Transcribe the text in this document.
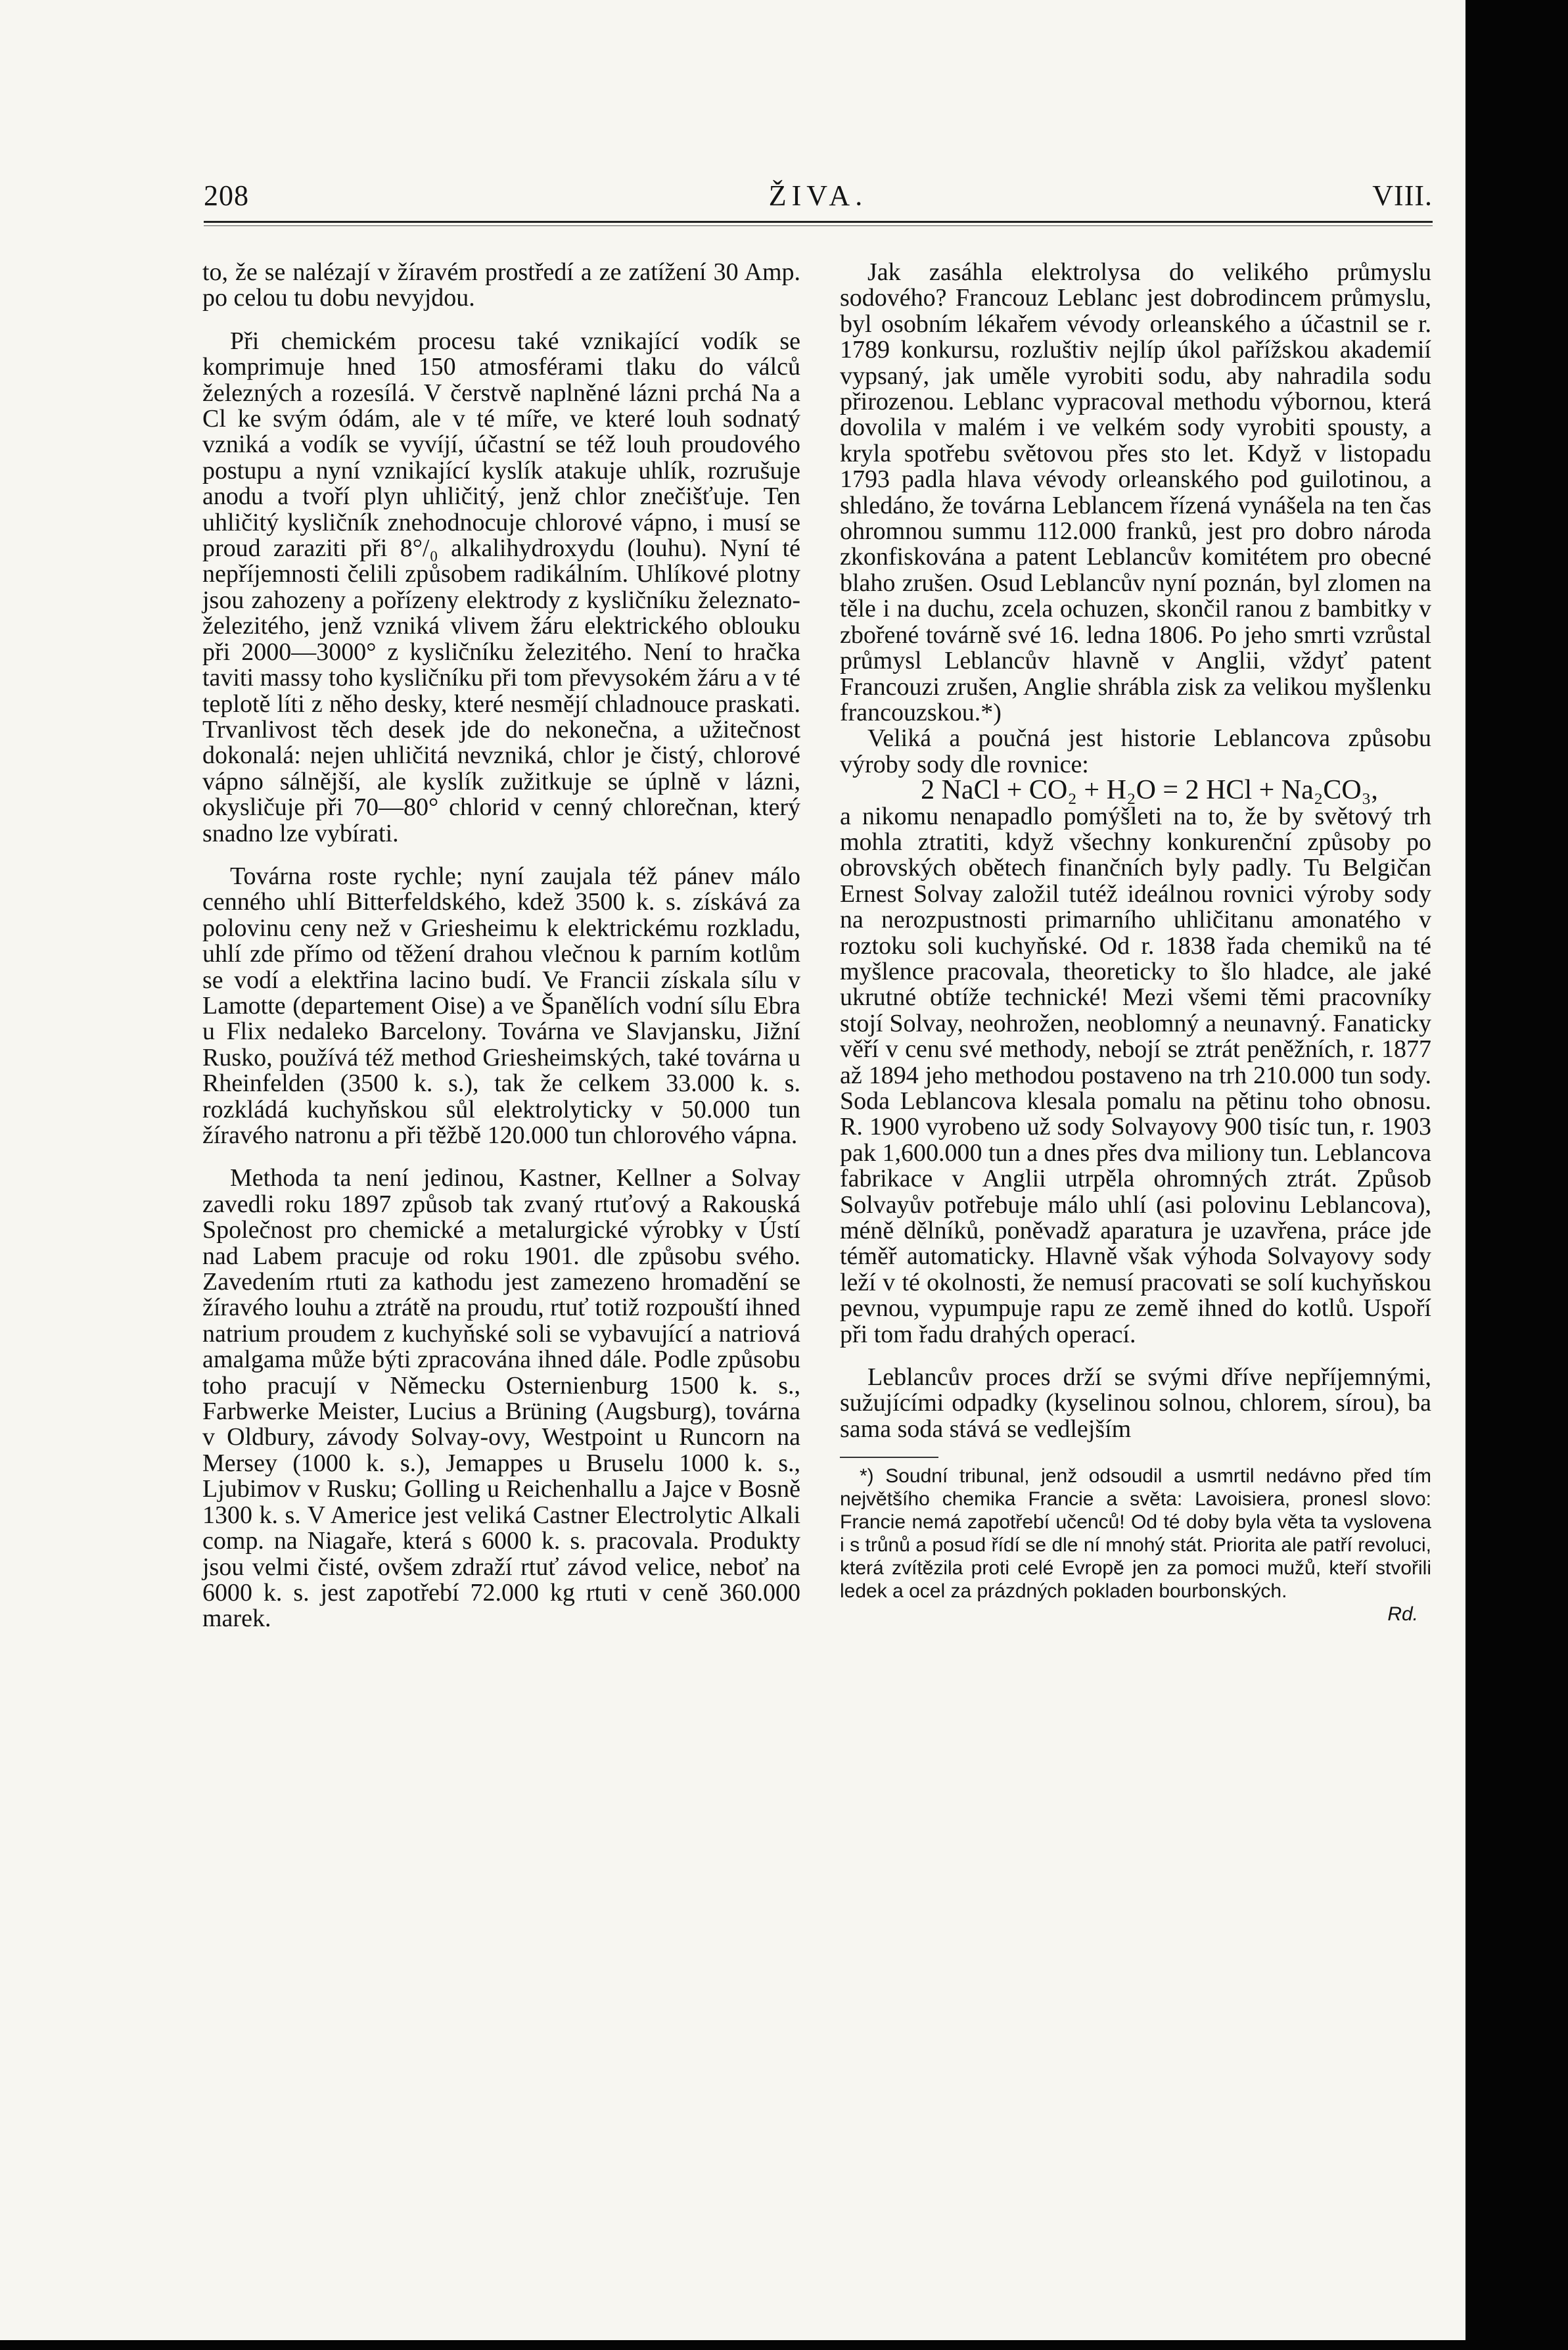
208	ŽIVA.	VIII.

to, že se nalézají v žíravém prostředí a ze zatížení 30 Amp. po celou tu dobu nevyjdou.

Při chemickém procesu také vznikající vodík se komprimuje hned 150 atmosférami tlaku do válců železných a rozesílá. V čerstvě naplněné lázni prchá Na a Cl ke svým ódám, ale v té míře, ve které louh sodnatý vzniká a vodík se vyvíjí, účastní se též louh proudového postupu a nyní vznikající kyslík atakuje uhlík, rozrušuje anodu a tvoří plyn uhličitý, jenž chlor znečišťuje. Ten uhličitý kysličník znehodnocuje chlorové vápno, i musí se proud zaraziti při 8°/₀ alkalihydroxydu (louhu). Nyní té nepříjemnosti čelili způsobem radikálním. Uhlíkové plotny jsou zahozeny a pořízeny elektrody z kysličníku železnato-železitého, jenž vzniká vlivem žáru elektrického oblouku při 2000—3000° z kysličníku železitého. Není to hračka taviti massy toho kysličníku při tom převysokém žáru a v té teplotě líti z něho desky, které nesmějí chladnouce praskati. Trvanlivost těch desek jde do nekonečna, a užitečnost dokonalá: nejen uhličitá nevzniká, chlor je čistý, chlorové vápno sálnější, ale kyslík zužitkuje se úplně v lázni, okysličuje při 70—80° chlorid v cenný chlorečnan, který snadno lze vybírati.

Továrna roste rychle; nyní zaujala též pánev málo cenného uhlí Bitterfeldského, kdež 3500 k. s. získává za polovinu ceny než v Griesheimu k elektrickému rozkladu, uhlí zde přímo od těžení drahou vlečnou k parním kotlům se vodí a elektřina lacino budí. Ve Francii získala sílu v Lamotte (departement Oise) a ve Španělích vodní sílu Ebra u Flix nedaleko Barcelony. Továrna ve Slavjansku, Jižní Rusko, používá též method Griesheimských, také továrna u Rheinfelden (3500 k. s.), tak že celkem 33.000 k. s. rozkládá kuchyňskou sůl elektrolyticky v 50.000 tun žíravého natronu a při těžbě 120.000 tun chlorového vápna.

Methoda ta není jedinou, Kastner, Kellner a Solvay zavedli roku 1897 způsob tak zvaný rtuťový a Rakouská Společnost pro chemické a metalurgické výrobky v Ústí nad Labem pracuje od roku 1901. dle způsobu svého. Zavedením rtuti za kathodu jest zamezeno hromadění se žíravého louhu a ztrátě na proudu, rtuť totiž rozpouští ihned natrium proudem z kuchyňské soli se vybavující a natriová amalgama může býti zpracována ihned dále. Podle způsobu toho pracují v Německu Osternienburg 1500 k. s., Farbwerke Meister, Lucius a Brüning (Augsburg), továrna v Oldbury, závody Solvay-ovy, Westpoint u Runcorn na Mersey (1000 k. s.), Jemappes u Bruselu 1000 k. s., Ljubimov v Rusku; Golling u Reichenhallu a Jajce v Bosně 1300 k. s. V Americe jest veliká Castner Electrolytic Alkali comp. na Niagaře, která s 6000 k. s. pracovala. Produkty jsou velmi čisté, ovšem zdraží rtuť závod velice, neboť na 6000 k. s. jest zapotřebí 72.000 kg rtuti v ceně 360.000 marek.

Jak zasáhla elektrolysa do velikého průmyslu sodového? Francouz Leblanc jest dobrodincem průmyslu, byl osobním lékařem vévody orleanského a účastnil se r. 1789 konkursu, rozluštiv nejlíp úkol pařížskou akademií vypsaný, jak uměle vyrobiti sodu, aby nahradila sodu přirozenou. Leblanc vypracoval methodu výbornou, která dovolila v malém i ve velkém sody vyrobiti spousty, a kryla spotřebu světovou přes sto let. Když v listopadu 1793 padla hlava vévody orleanského pod guilotinou, a shledáno, že továrna Leblancem řízená vynášela na ten čas ohromnou summu 112.000 franků, jest pro dobro národa zkonfiskována a patent Leblancův komitétem pro obecné blaho zrušen. Osud Leblancův nyní poznán, byl zlomen na těle i na duchu, zcela ochuzen, skončil ranou z bambitky v zbořené továrně své 16. ledna 1806. Po jeho smrti vzrůstal průmysl Leblancův hlavně v Anglii, vždyť patent Francouzi zrušen, Anglie shrábla zisk za velikou myšlenku francouzskou.*)

Veliká a poučná jest historie Leblancova způsobu výroby sody dle rovnice:

2 NaCl + CO₂ + H₂O = 2 HCl + Na₂CO₃,

a nikomu nenapadlo pomýšleti na to, že by světový trh mohla ztratiti, když všechny konkurenční způsoby po obrovských obětech finančních byly padly. Tu Belgičan Ernest Solvay založil tutéž ideálnou rovnici výroby sody na nerozpustnosti primarního uhličitanu amonatého v roztoku soli kuchyňské. Od r. 1838 řada chemiků na té myšlence pracovala, theoreticky to šlo hladce, ale jaké ukrutné obtíže technické! Mezi všemi těmi pracovníky stojí Solvay, neohrožen, neoblomný a neunavný. Fanaticky věří v cenu své methody, nebojí se ztrát peněžních, r. 1877 až 1894 jeho methodou postaveno na trh 210.000 tun sody. Soda Leblancova klesala pomalu na pětinu toho obnosu. R. 1900 vyrobeno už sody Solvayovy 900 tisíc tun, r. 1903 pak 1,600.000 tun a dnes přes dva miliony tun. Leblancova fabrikace v Anglii utrpěla ohromných ztrát. Způsob Solvayův potřebuje málo uhlí (asi polovinu Leblancova), méně dělníků, poněvadž aparatura je uzavřena, práce jde téměř automaticky. Hlavně však výhoda Solvayovy sody leží v té okolnosti, že nemusí pracovati se solí kuchyňskou pevnou, vypumpuje rapu ze země ihned do kotlů. Uspoří při tom řadu drahých operací.

Leblancův proces drží se svými dříve nepříjemnými, sužujícími odpadky (kyselinou solnou, chlorem, sírou), ba sama soda stává se vedlejším

*) Soudní tribunal, jenž odsoudil a usmrtil nedávno před tím největšího chemika Francie a světa: Lavoisiera, pronesl slovo: Francie nemá zapotřebí učenců! Od té doby byla věta ta vyslovena i s trůnů a posud řídí se dle ní mnohý stát. Priorita ale patří revoluci, která zvítězila proti celé Evropě jen za pomoci mužů, kteří stvořili ledek a ocel za prázdných pokladen bourbonských.

Rd.
